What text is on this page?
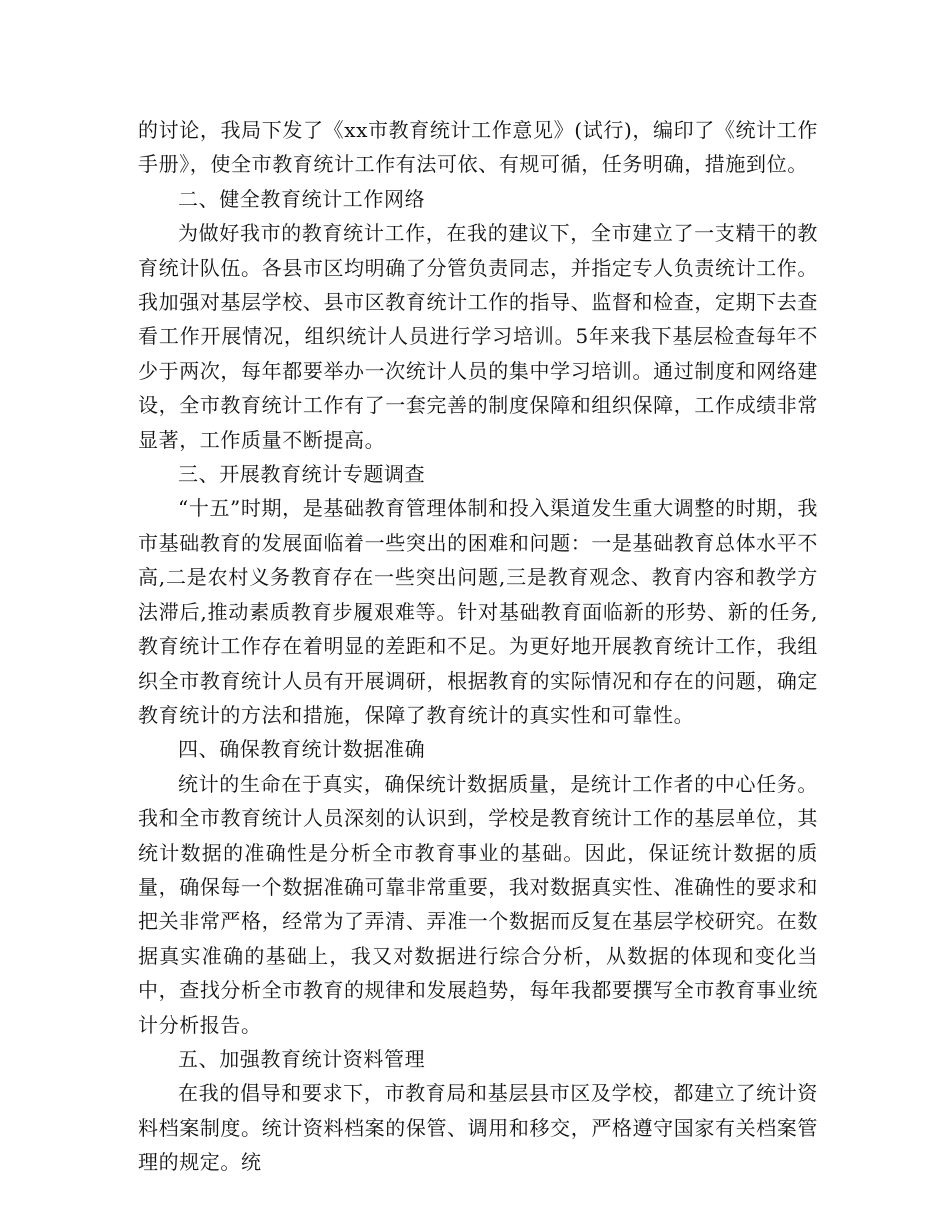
的讨论，我局下发了《xx市教育统计工作意见》(试行)，编印了《统计工作手册》，使全市教育统计工作有法可依、有规可循，任务明确，措施到位。

二、健全教育统计工作网络

为做好我市的教育统计工作，在我的建议下，全市建立了一支精干的教育统计队伍。各县市区均明确了分管负责同志，并指定专人负责统计工作。我加强对基层学校、县市区教育统计工作的指导、监督和检查，定期下去查看工作开展情况，组织统计人员进行学习培训。5年来我下基层检查每年不少于两次，每年都要举办一次统计人员的集中学习培训。通过制度和网络建设，全市教育统计工作有了一套完善的制度保障和组织保障，工作成绩非常显著，工作质量不断提高。

三、开展教育统计专题调查

“十五”时期，是基础教育管理体制和投入渠道发生重大调整的时期，我市基础教育的发展面临着一些突出的困难和问题：一是基础教育总体水平不高,二是农村义务教育存在一些突出问题,三是教育观念、教育内容和教学方法滞后,推动素质教育步履艰难等。针对基础教育面临新的形势、新的任务,教育统计工作存在着明显的差距和不足。为更好地开展教育统计工作，我组织全市教育统计人员有开展调研，根据教育的实际情况和存在的问题，确定教育统计的方法和措施，保障了教育统计的真实性和可靠性。

四、确保教育统计数据准确

统计的生命在于真实，确保统计数据质量，是统计工作者的中心任务。我和全市教育统计人员深刻的认识到，学校是教育统计工作的基层单位，其统计数据的准确性是分析全市教育事业的基础。因此，保证统计数据的质量，确保每一个数据准确可靠非常重要，我对数据真实性、准确性的要求和把关非常严格，经常为了弄清、弄准一个数据而反复在基层学校研究。在数据真实准确的基础上，我又对数据进行综合分析，从数据的体现和变化当中，查找分析全市教育的规律和发展趋势，每年我都要撰写全市教育事业统计分析报告。

五、加强教育统计资料管理

在我的倡导和要求下，市教育局和基层县市区及学校，都建立了统计资料档案制度。统计资料档案的保管、调用和移交，严格遵守国家有关档案管理的规定。统
